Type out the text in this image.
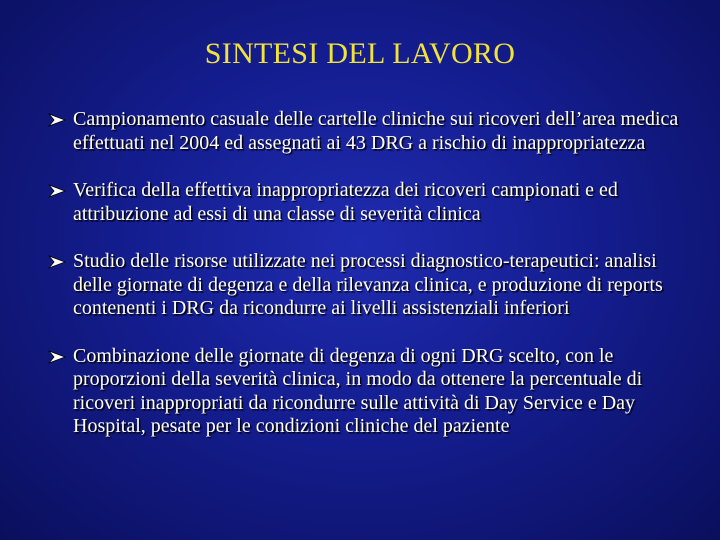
SINTESI DEL LAVORO
Campionamento casuale delle cartelle cliniche sui ricoveri dell’area medica effettuati nel 2004 ed assegnati ai 43 DRG a rischio di inappropriatezza
Verifica della effettiva inappropriatezza dei ricoveri campionati e ed attribuzione ad essi di una classe di severità clinica
Studio delle risorse utilizzate nei processi diagnostico-terapeutici: analisi delle giornate di degenza e della rilevanza clinica, e produzione di reports contenenti i DRG da ricondurre ai livelli assistenziali inferiori
Combinazione delle giornate di degenza di ogni DRG scelto, con le proporzioni della severità clinica, in modo da ottenere la percentuale di ricoveri inappropriati da ricondurre sulle attività di Day Service e Day Hospital, pesate per le condizioni cliniche del paziente
